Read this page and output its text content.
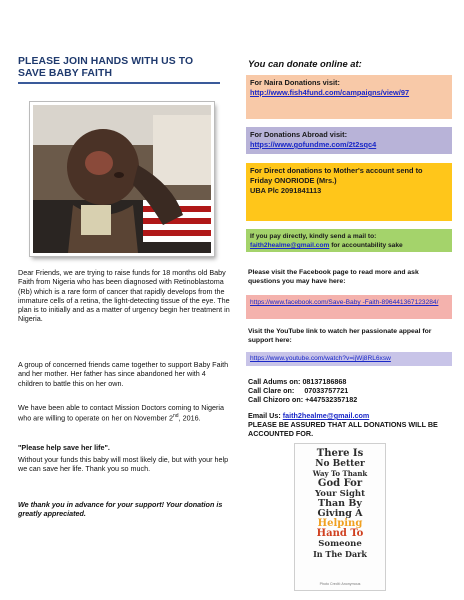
PLEASE JOIN HANDS WITH US TO SAVE BABY FAITH
Dear Friends, we are trying to raise funds for 18 months old Baby Faith from Nigeria who has been diagnosed with Retinoblastoma (Rb) which is a rare form of cancer that rapidly develops from the immature cells of a retina, the light-detecting tissue of the eye. The plan is to initially and as a matter of urgency begin her treatment in Nigeria.
A group of concerned friends came together to support Baby Faith and her mother. Her father has since abandoned her with 4 children to battle this on her own.
We have been able to contact Mission Doctors coming to Nigeria who are willing to operate on her on November 2nd, 2016.
"Please help save her life".
Without your funds this baby will most likely die, but with your help we can save her life. Thank you so much.
We thank you in advance for your support! Your donation is greatly appreciated.
You can donate online at:
For Naira Donations visit:
http://www.fish4fund.com/campaigns/view/97
For Donations Abroad visit:
https://www.gofundme.com/2t2sqc4
For Direct donations to Mother's account send to
Friday ONORIODE (Mrs.)
UBA Plc 2091841113
If you pay directly, kindly send a mail to:
faith2healme@gmail.com for accountability sake
Please visit the Facebook page to read more and ask questions you may have here:
https://www.facebook.com/Save-Baby -Faith-896441367123284/
Visit the YouTube link to watch her passionate appeal for support here:
https://www.youtube.com/watch?v=ijWj8RL6xsw
Call Adums on: 08137186868
Call Clare on:     07033757721
Call Chizoro on: +447532357182
Email Us: faith2healme@gmail.com
PLEASE BE ASSURED THAT ALL DONATIONS WILL BE ACCOUNTED FOR.
There Is
No Better
Way To Thank
God For
Your Sight
Than By
Giving A
Helping
Hand To
Someone
In The Dark
Photo Credit: Anonymous
